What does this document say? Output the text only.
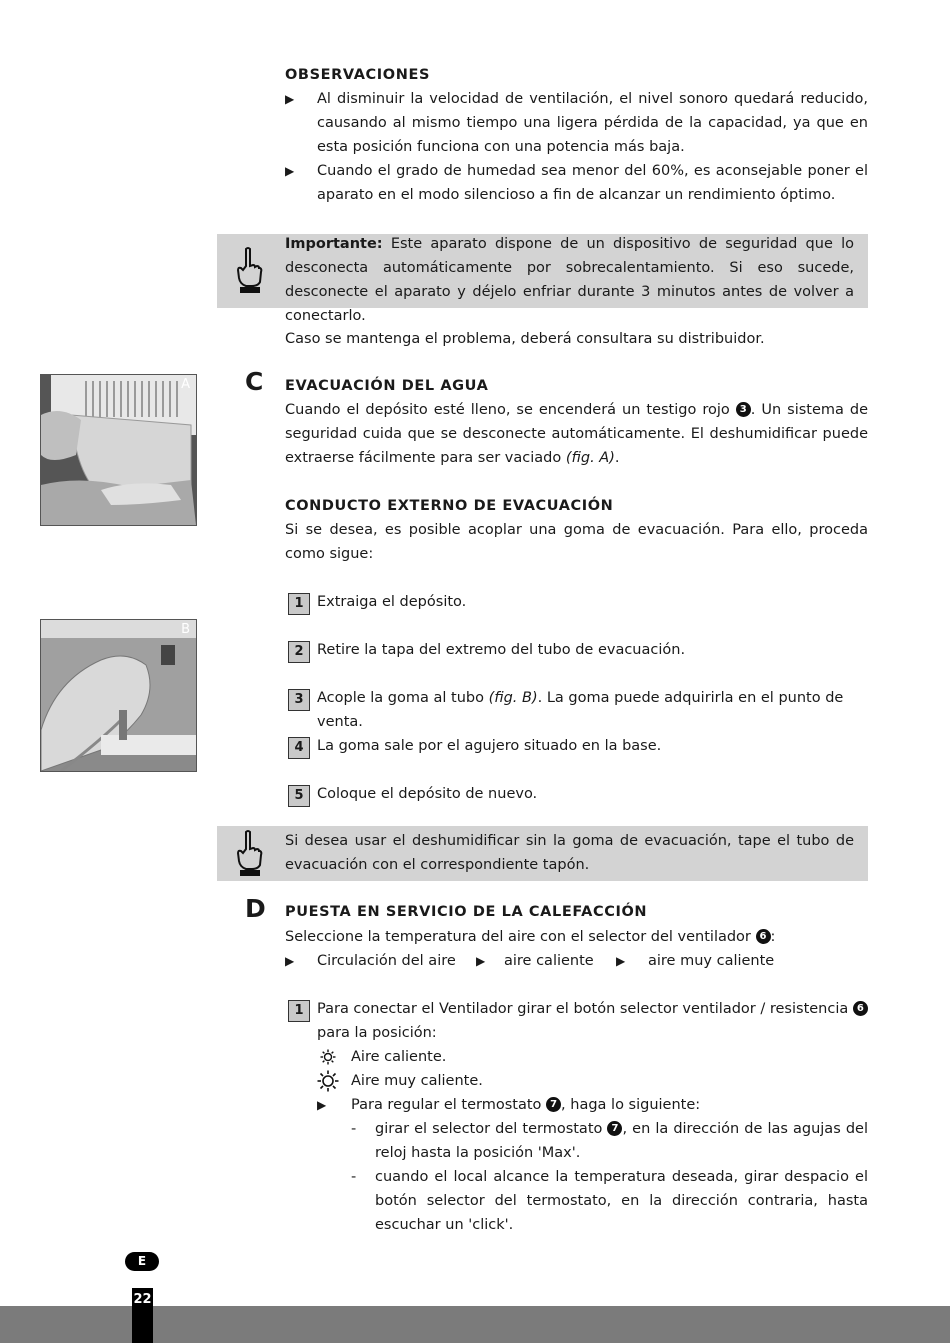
OBSERVACIONES
▶ Al disminuir la velocidad de ventilación, el nivel sonoro quedará reducido, causando al mismo tiempo una ligera pérdida de la capacidad, ya que en esta posición funciona con una potencia más baja.
▶ Cuando el grado de humedad sea menor del 60%, es aconsejable poner el aparato en el modo silencioso a fin de alcanzar un rendimiento óptimo.
Importante: Este aparato dispone de un dispositivo de seguridad que lo desconecta automáticamente por sobrecalentamiento. Si eso sucede, desconecte el aparato y déjelo enfriar durante 3 minutos antes de volver a conectarlo.
Caso se mantenga el problema, deberá consultara su distribuidor.
C EVACUACIÓN DEL AGUA
Cuando el depósito esté lleno, se encenderá un testigo rojo 3 . Un sistema de seguridad cuida que se desconecte automáticamente. El deshumidificar puede extraerse fácilmente para ser vaciado (fig. A).
A
CONDUCTO EXTERNO DE EVACUACIÓN
Si se desea, es posible acoplar una goma de evacuación. Para ello, proceda como sigue:
1 Extraiga el depósito.
2 Retire la tapa del extremo del tubo de evacuación.
3 Acople la goma al tubo (fig. B). La goma puede adquirirla en el punto de venta.
4 La goma sale por el agujero situado en la base.
5 Coloque el depósito de nuevo.
B
Si desea usar el deshumidificar sin la goma de evacuación, tape el tubo de evacuación con el correspondiente tapón.
D PUESTA EN SERVICIO DE LA CALEFACCIÓN
Seleccione la temperatura del aire con el selector del ventilador 6 :
▶ Circulación del aire ▶ aire caliente ▶ aire muy caliente
1 Para conectar el Ventilador girar el botón selector ventilador / resistencia 6
para la posición:
Aire caliente.
Aire muy caliente.
▶ Para regular el termostato 7 , haga lo siguiente:
- girar el selector del termostato 7 , en la dirección de las agujas del reloj hasta la posición 'Max'.
- cuando el local alcance la temperatura deseada, girar despacio el botón selector del termostato, en la dirección contraria, hasta escuchar un 'click'.
E
22
